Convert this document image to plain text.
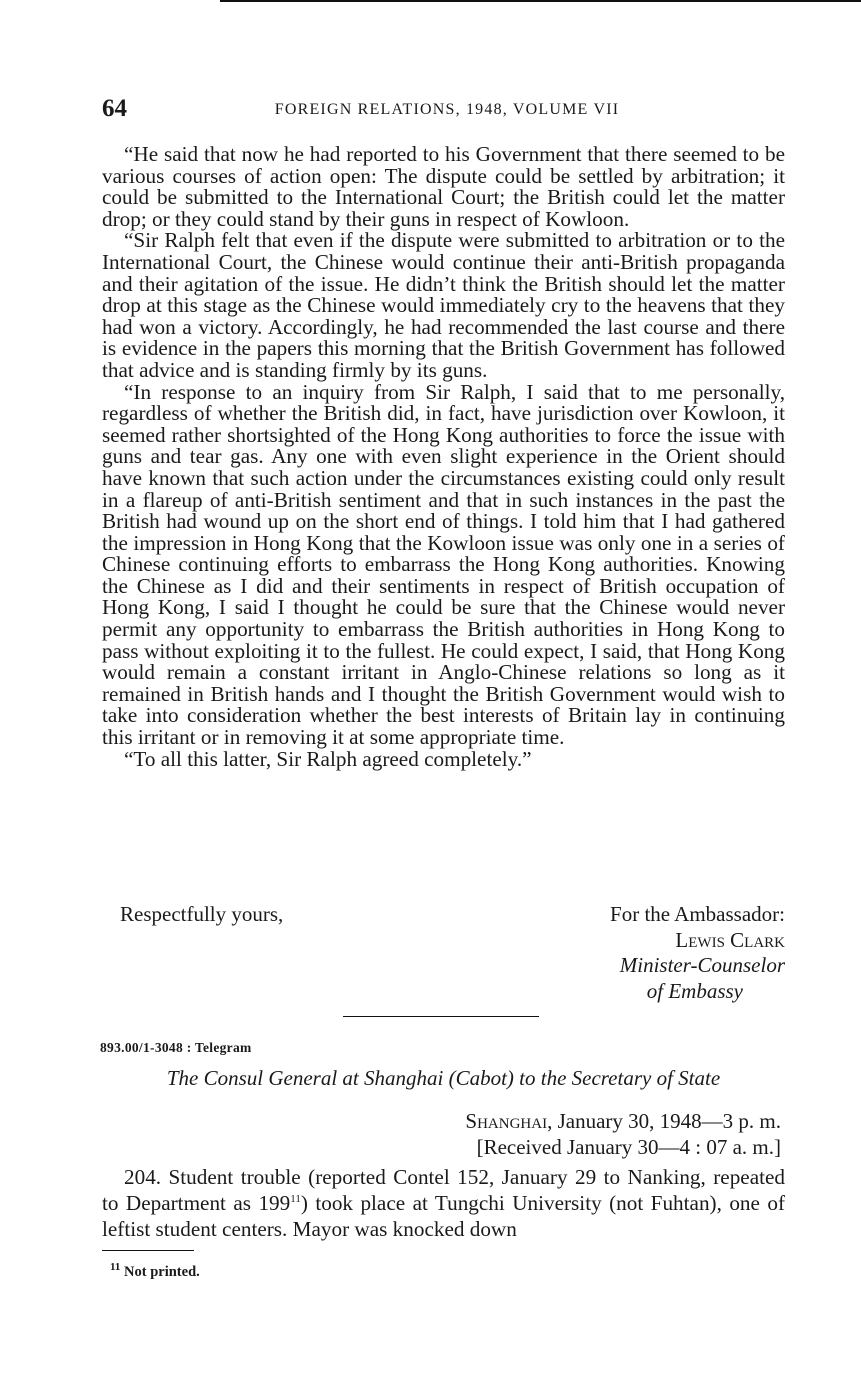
64	FOREIGN RELATIONS, 1948, VOLUME VII

“He said that now he had reported to his Government that there seemed to be various courses of action open: The dispute could be settled by arbitration; it could be submitted to the International Court; the British could let the matter drop; or they could stand by their guns in respect of Kowloon.

“Sir Ralph felt that even if the dispute were submitted to arbitration or to the International Court, the Chinese would continue their anti-British propaganda and their agitation of the issue. He didn’t think the British should let the matter drop at this stage as the Chinese would immediately cry to the heavens that they had won a victory. Accordingly, he had recommended the last course and there is evidence in the papers this morning that the British Government has followed that advice and is standing firmly by its guns.

“In response to an inquiry from Sir Ralph, I said that to me personally, regardless of whether the British did, in fact, have jurisdiction over Kowloon, it seemed rather shortsighted of the Hong Kong authorities to force the issue with guns and tear gas. Any one with even slight experience in the Orient should have known that such action under the circumstances existing could only result in a flareup of anti-British sentiment and that in such instances in the past the British had wound up on the short end of things. I told him that I had gathered the impression in Hong Kong that the Kowloon issue was only one in a series of Chinese continuing efforts to embarrass the Hong Kong authorities. Knowing the Chinese as I did and their sentiments in respect of British occupation of Hong Kong, I said I thought he could be sure that the Chinese would never permit any opportunity to embarrass the British authorities in Hong Kong to pass without exploiting it to the fullest. He could expect, I said, that Hong Kong would remain a constant irritant in Anglo-Chinese relations so long as it remained in British hands and I thought the British Government would wish to take into consideration whether the best interests of Britain lay in continuing this irritant or in removing it at some appropriate time.

“To all this latter, Sir Ralph agreed completely.”

Respectfully yours,	For the Ambassador:
Lewis Clark
Minister-Counselor
of Embassy
893.00/1-3048 : Telegram
The Consul General at Shanghai (Cabot) to the Secretary of State
Shanghai, January 30, 1948—3 p. m.
[Received January 30—4 : 07 a. m.]

204. Student trouble (reported Contel 152, January 29 to Nanking, repeated to Department as $199^{11}$) took place at Tungchi University (not Fuhtan), one of leftist student centers. Mayor was knocked down

$^{11}$ Not printed.
